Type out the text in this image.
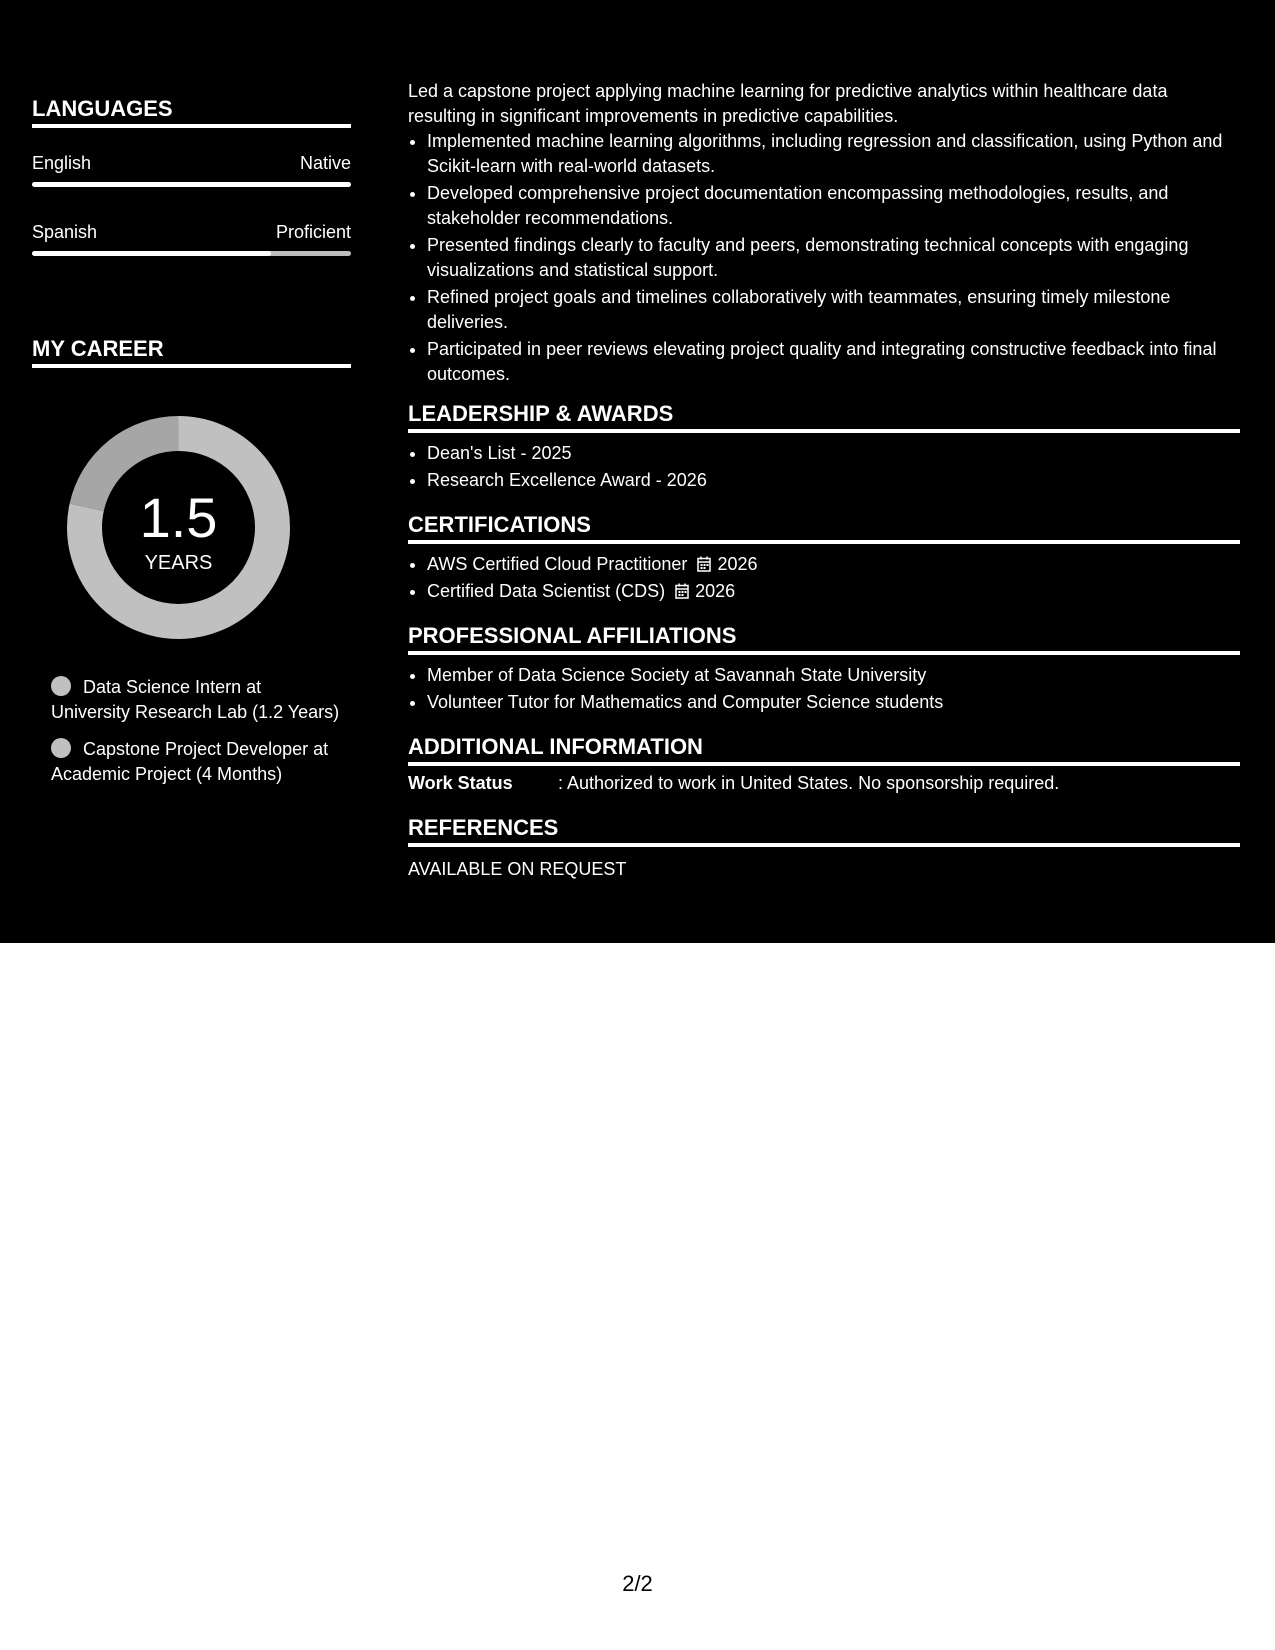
LANGUAGES
English	Native
Spanish	Proficient
MY CAREER
1.5
YEARS
Data Science Intern at University Research Lab (1.2 Years)
Capstone Project Developer at Academic Project (4 Months)
Led a capstone project applying machine learning for predictive analytics within healthcare data resulting in significant improvements in predictive capabilities.
• Implemented machine learning algorithms, including regression and classification, using Python and Scikit-learn with real-world datasets.
• Developed comprehensive project documentation encompassing methodologies, results, and stakeholder recommendations.
• Presented findings clearly to faculty and peers, demonstrating technical concepts with engaging visualizations and statistical support.
• Refined project goals and timelines collaboratively with teammates, ensuring timely milestone deliveries.
• Participated in peer reviews elevating project quality and integrating constructive feedback into final outcomes.
LEADERSHIP & AWARDS
• Dean's List - 2025
• Research Excellence Award - 2026
CERTIFICATIONS
• AWS Certified Cloud Practitioner 2026
• Certified Data Scientist (CDS) 2026
PROFESSIONAL AFFILIATIONS
• Member of Data Science Society at Savannah State University
• Volunteer Tutor for Mathematics and Computer Science students
ADDITIONAL INFORMATION
Work Status	: Authorized to work in United States. No sponsorship required.
REFERENCES
AVAILABLE ON REQUEST
2/2
